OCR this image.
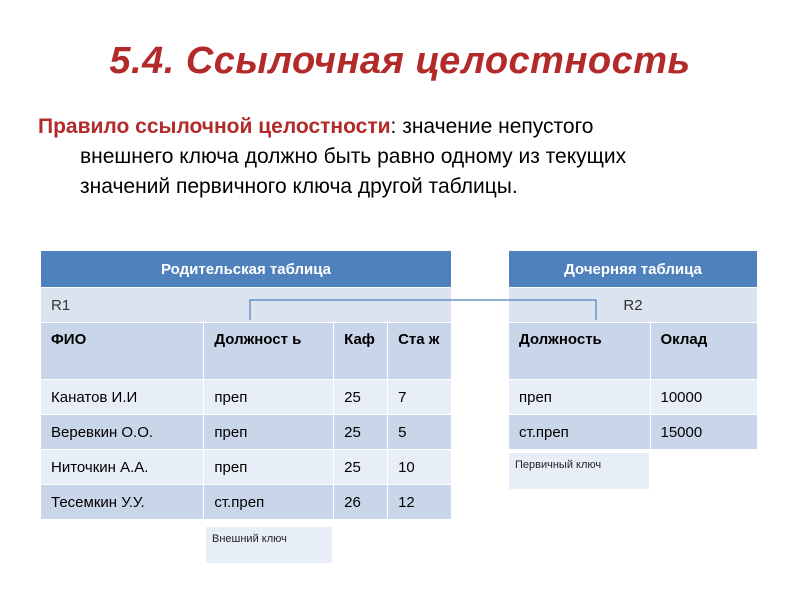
5.4. Ссылочная целостность
Правило ссылочной целостности: значение непустого
внешнего ключа должно быть равно одному из текущих
значений первичного ключа другой таблицы.
Родительская таблица			
R1			
ФИО	Должност ь	Каф	Ста ж
Канатов И.И	преп	25	7
Веревкин О.О.	преп	25	5
Ниточкин А.А.	преп	25	10
Тесемкин У.У.	ст.преп	26	12
Внешний ключ
Дочерняя таблица	
R2	
Должность	Оклад
преп	10000
ст.преп	15000
Первичный ключ
